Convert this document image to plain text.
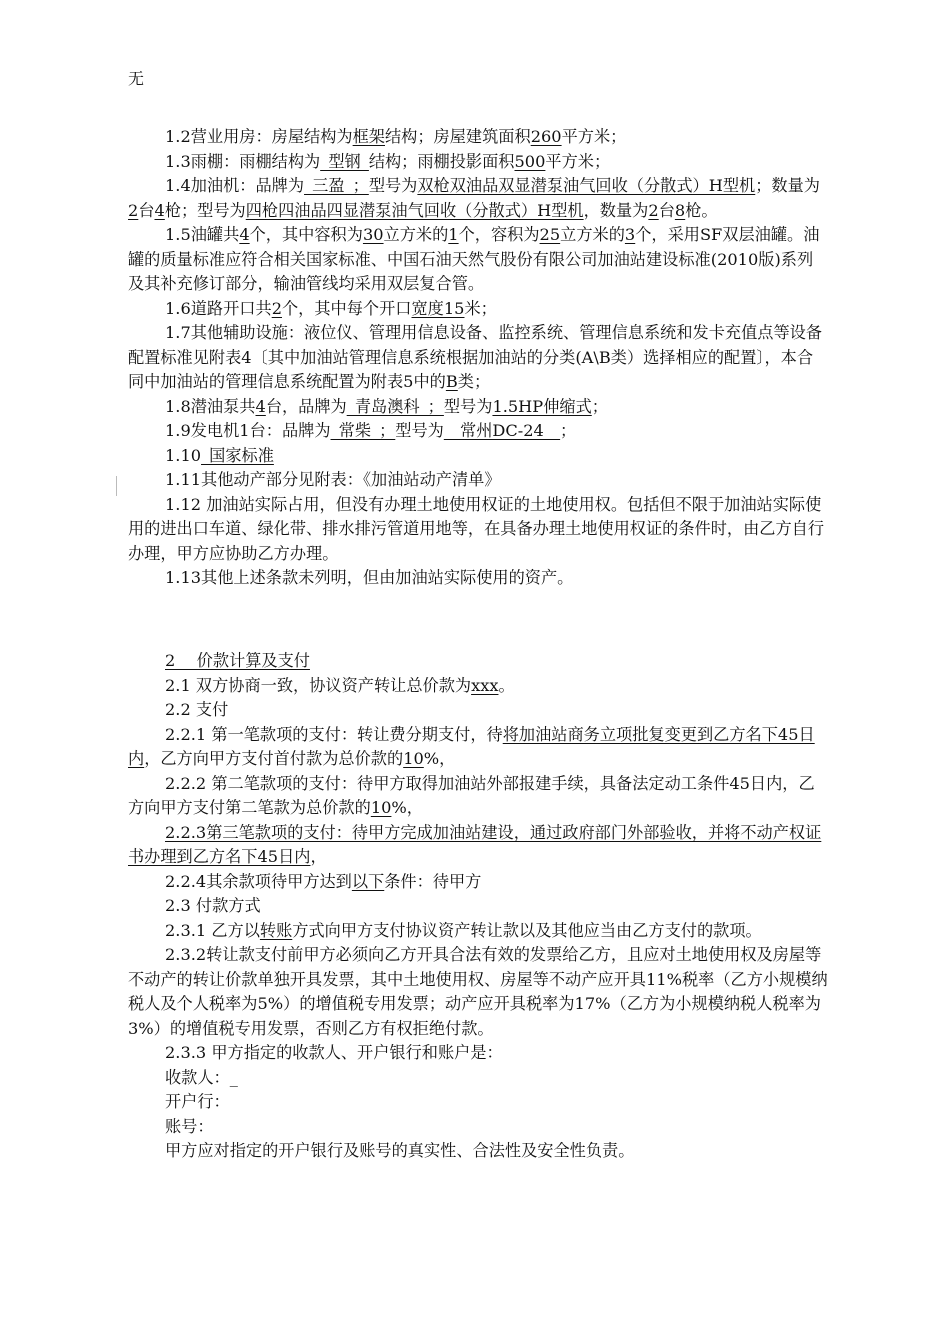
无

1.2营业用房：房屋结构为框架结构；房屋建筑面积260平方米；

1.3雨棚：雨棚结构为_型钢_结构；雨棚投影面积500平方米；

1.4加油机：品牌为_三盈_；型号为双枪双油品双显潜泵油气回收（分散式）H型机；数量为2台4枪；型号为四枪四油品四显潜泵油气回收（分散式）H型机，数量为2台8枪。

1.5油罐共4个，其中容积为30立方米的1个，容积为25立方米的3个，采用SF双层油罐。油罐的质量标准应符合相关国家标准、中国石油天然气股份有限公司加油站建设标准(2010版)系列及其补充修订部分，输油管线均采用双层复合管。

1.6道路开口共2个，其中每个开口宽度15米；

1.7其他辅助设施：液位仪、管理用信息设备、监控系统、管理信息系统和发卡充值点等设备配置标准见附表4〔其中加油站管理信息系统根据加油站的分类(A\B类）选择相应的配置〕，本合同中加油站的管理信息系统配置为附表5中的B类；

1.8潜油泵共4台，品牌为_青岛澳科_；型号为1.5HP伸缩式；

1.9发电机1台：品牌为_常柴_；型号为__常州DC-24__；

1.10_国家标准

1.11其他动产部分见附表：《加油站动产清单》

1.12 加油站实际占用，但没有办理土地使用权证的土地使用权。包括但不限于加油站实际使用的进出口车道、绿化带、排水排污管道用地等，在具备办理土地使用权证的条件时，由乙方自行办理，甲方应协助乙方办理。

1.13其他上述条款未列明，但由加油站实际使用的资产。

2　 价款计算及支付

2.1 双方协商一致，协议资产转让总价款为xxx。

2.2 支付

2.2.1 第一笔款项的支付：转让费分期支付，待将加油站商务立项批复变更到乙方名下45日内，乙方向甲方支付首付款为总价款的10%，

2.2.2 第二笔款项的支付：待甲方取得加油站外部报建手续，具备法定动工条件45日内，乙方向甲方支付第二笔款为总价款的10%，

2.2.3第三笔款项的支付：待甲方完成加油站建设，通过政府部门外部验收，并将不动产权证书办理到乙方名下45日内，

2.2.4其余款项待甲方达到以下条件：待甲方

2.3 付款方式

2.3.1 乙方以转账方式向甲方支付协议资产转让款以及其他应当由乙方支付的款项。

2.3.2转让款支付前甲方必须向乙方开具合法有效的发票给乙方，且应对土地使用权及房屋等不动产的转让价款单独开具发票，其中土地使用权、房屋等不动产应开具11%税率（乙方小规模纳税人及个人税率为5%）的增值税专用发票；动产应开具税率为17%（乙方为小规模纳税人税率为3%）的增值税专用发票，否则乙方有权拒绝付款。

2.3.3 甲方指定的收款人、开户银行和账户是：

收款人：_

开户行：

账号：

甲方应对指定的开户银行及账号的真实性、合法性及安全性负责。
